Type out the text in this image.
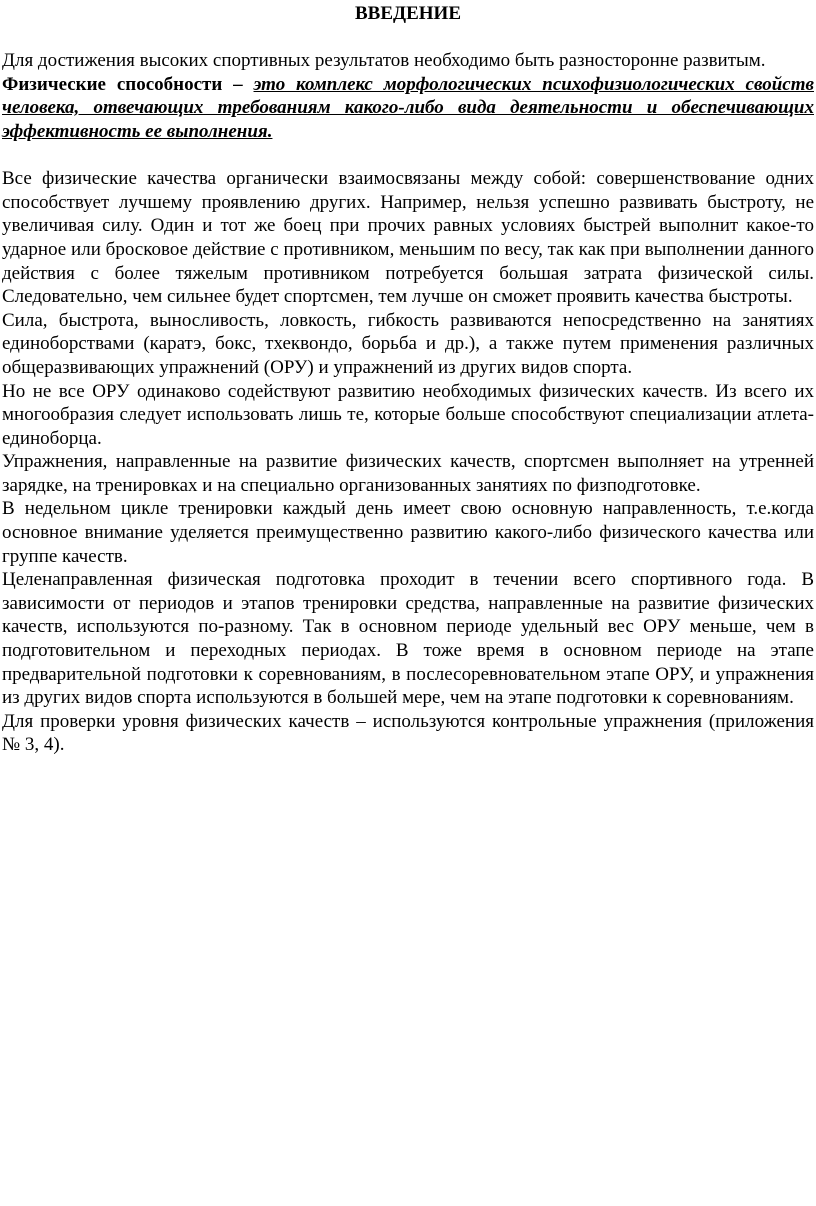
ВВЕДЕНИЕ

Для достижения высоких спортивных результатов необходимо быть разносторонне развитым.

Физические способности – это комплекс морфологических психофизиологических свойств человека, отвечающих требованиям какого-либо вида деятельности и обеспечивающих эффективность ее выполнения.

Все физические качества органически взаимосвязаны между собой: совершенствование одних способствует лучшему проявлению других. Например, нельзя успешно развивать быстроту, не увеличивая силу. Один и тот же боец при прочих равных условиях быстрей выполнит какое-то ударное или бросковое действие с противником, меньшим по весу, так как при выполнении данного действия с более тяжелым противником потребуется большая затрата физической силы. Следовательно, чем сильнее будет спортсмен, тем лучше он сможет проявить качества быстроты.

Сила, быстрота, выносливость, ловкость, гибкость развиваются непосредственно на занятиях единоборствами (каратэ, бокс, тхеквондо, борьба и др.), а также путем применения различных общеразвивающих упражнений (ОРУ) и упражнений из других видов спорта.

Но не все ОРУ одинаково содействуют развитию необходимых физических качеств. Из всего их многообразия следует использовать лишь те, которые больше способствуют специализации атлета-единоборца.

Упражнения, направленные на развитие физических качеств, спортсмен выполняет на утренней зарядке, на тренировках и на специально организованных занятиях по физподготовке.

В недельном цикле тренировки каждый день имеет свою основную направленность, т.е.когда основное внимание уделяется преимущественно развитию какого-либо физического качества или группе качеств.

Целенаправленная физическая подготовка проходит в течении всего спортивного года. В зависимости от периодов и этапов тренировки средства, направленные на развитие физических качеств, используются по-разному. Так в основном периоде удельный вес ОРУ меньше, чем в подготовительном и переходных периодах. В тоже время в основном периоде на этапе предварительной подготовки к соревнованиям, в послесоревновательном этапе ОРУ, и упражнения из других видов спорта используются в большей мере, чем на этапе подготовки к соревнованиям.

Для проверки уровня физических качеств – используются контрольные упражнения (приложения № 3, 4).
